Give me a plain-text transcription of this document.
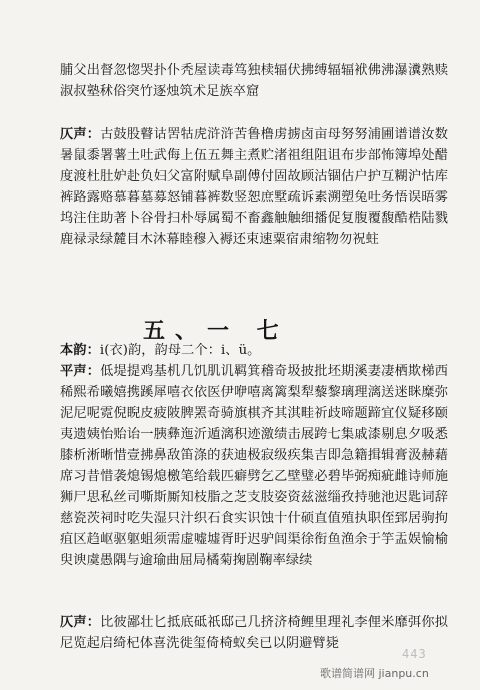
脯父出督忽惚哭扑仆秃屋读毒笃独椟辐伏拂缚辐辐袱佛沸瀑瀵熟赎淑叔塾秫俗突竹逐烛筑术足族卒窟

仄声：古鼓股瞽诂罟牯虎浒浒苦鲁橹虏掳卤亩母努努浦圃谱谱汝数暑鼠黍署薯土吐武侮上伍五舞主煮贮渚祖组阻诅布步部怖簿埠处醋度渡杜肚妒赴负妇父富附赋阜副傅付固故顾沽锢估户护互糊沪怙库裤路露赂慕暮墓募怒铺暮裤数竖恕庶墅疏诉素溯塑兔吐务悟误晤雾坞注住助著卜谷骨扫朴辱属蜀不畜鑫触触细播促复腹覆馥酷梏陆戮鹿禄录绿麓目木沐幕睦穆入褥还束速粟宿肃缩物勿祝蛀

五、一 七

本韵：i(衣)韵，韵母二个：i、ü。

平声：低堤提鸡基机几饥肌讥羁箕稽奇圾披批坯期溪妻凄栖欺梯西稀熙希曦嬉携蹊犀嘻衣依医伊咿嘻离篱梨犁藜黎璃理漓送迷眯糜弥泥尼呢霓倪睨皮疲陂脾罴奇骑旗棋齐其淇畦祈歧啼题蹄宜仪疑移颐夷遗姨怡贻诒一胰彝迤沂遁漓积迹激绩击展跨七集戚漆剔息夕吸悉膝析淅晰惜壹拂鼻敌笛涤的获迪极寂级疾集吉即急籍揖辑膏汲赫藉席习昔惜袭熄锡熄檄笔给载匹癖劈乞乙壁璧必碧毕弼痴疵雌诗师施狮尸思私丝司嘶斯厮知枝脂之芝支肢姿资兹滋缁孜持驰池迟匙词辞慈瓷茨祠时吃失湿只汁织石食实识蚀十什硕直值殖执职侄郅居驹拘疽区趋岖驱躯蛆须需虚嘘墟胥盱迟驴闾渠徐衔鱼渔余于竽盂娱愉榆臾谀虞愚隅与逾瑜曲屈局橘菊掬剧鞠率绿续

仄声：比彼鄙壮匕抵底砥祇邸己几挤济椅鲤里理礼李俚米靡弭你拟尼览起启绮杞体喜洗徙玺倚椅蚁矣已以阴避臂毙

443
歌谱简谱网 jianpu.cn
